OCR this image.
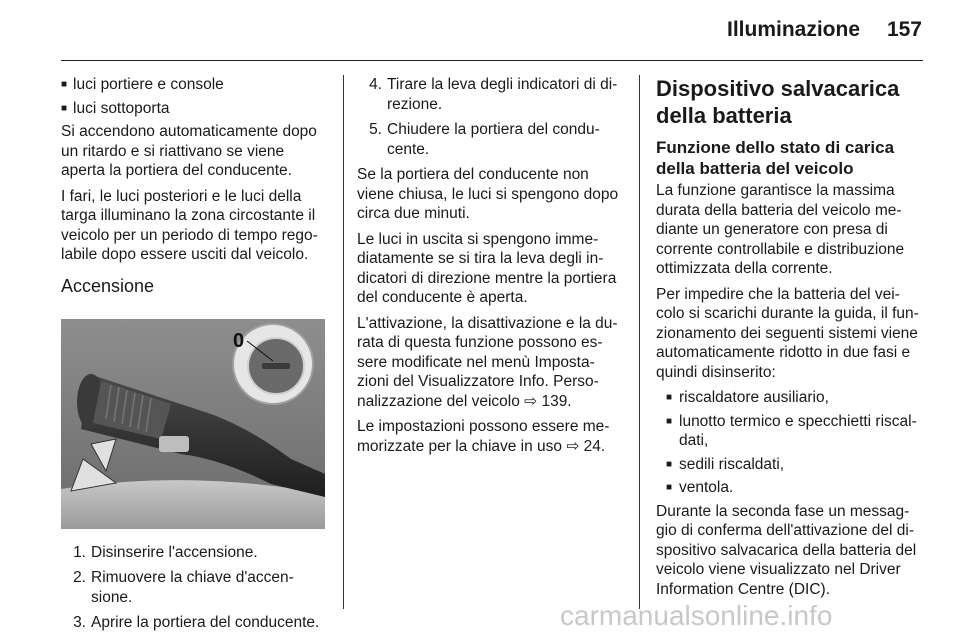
Illuminazione	157
■ luci portiere e console
■ luci sottoporta

Si accendono automaticamente dopo un ritardo e si riattivano se viene aperta la portiera del conducente.

I fari, le luci posteriori e le luci della targa illuminano la zona circostante il veicolo per un periodo di tempo rego-labile dopo essere usciti dal veicolo.

Accensione
0
1. Disinserire l'accensione.
2. Rimuovere la chiave d'accen-sione.
3. Aprire la portiera del conducente.
4. Tirare la leva degli indicatori di di-rezione.
5. Chiudere la portiera del condu-cente.

Se la portiera del conducente non viene chiusa, le luci si spengono dopo circa due minuti.

Le luci in uscita si spengono imme-diatamente se si tira la leva degli in-dicatori di direzione mentre la portiera del conducente è aperta.

L'attivazione, la disattivazione e la du-rata di questa funzione possono es-sere modificate nel menù Imposta-zioni del Visualizzatore Info. Perso-nalizzazione del veicolo ⇨ 139.

Le impostazioni possono essere me-morizzate per la chiave in uso ⇨ 24.

Dispositivo salvacarica della batteria
Funzione dello stato di carica della batteria del veicolo

La funzione garantisce la massima durata della batteria del veicolo me-diante un generatore con presa di corrente controllabile e distribuzione ottimizzata della corrente.

Per impedire che la batteria del vei-colo si scarichi durante la guida, il fun-zionamento dei seguenti sistemi viene automaticamente ridotto in due fasi e quindi disinserito:

■ riscaldatore ausiliario,
■ lunotto termico e specchietti riscal-dati,
■ sedili riscaldati,
■ ventola.

Durante la seconda fase un messag-gio di conferma dell'attivazione del di-spositivo salvacarica della batteria del veicolo viene visualizzato nel Driver Information Centre (DIC).

carmanualsonline.info
